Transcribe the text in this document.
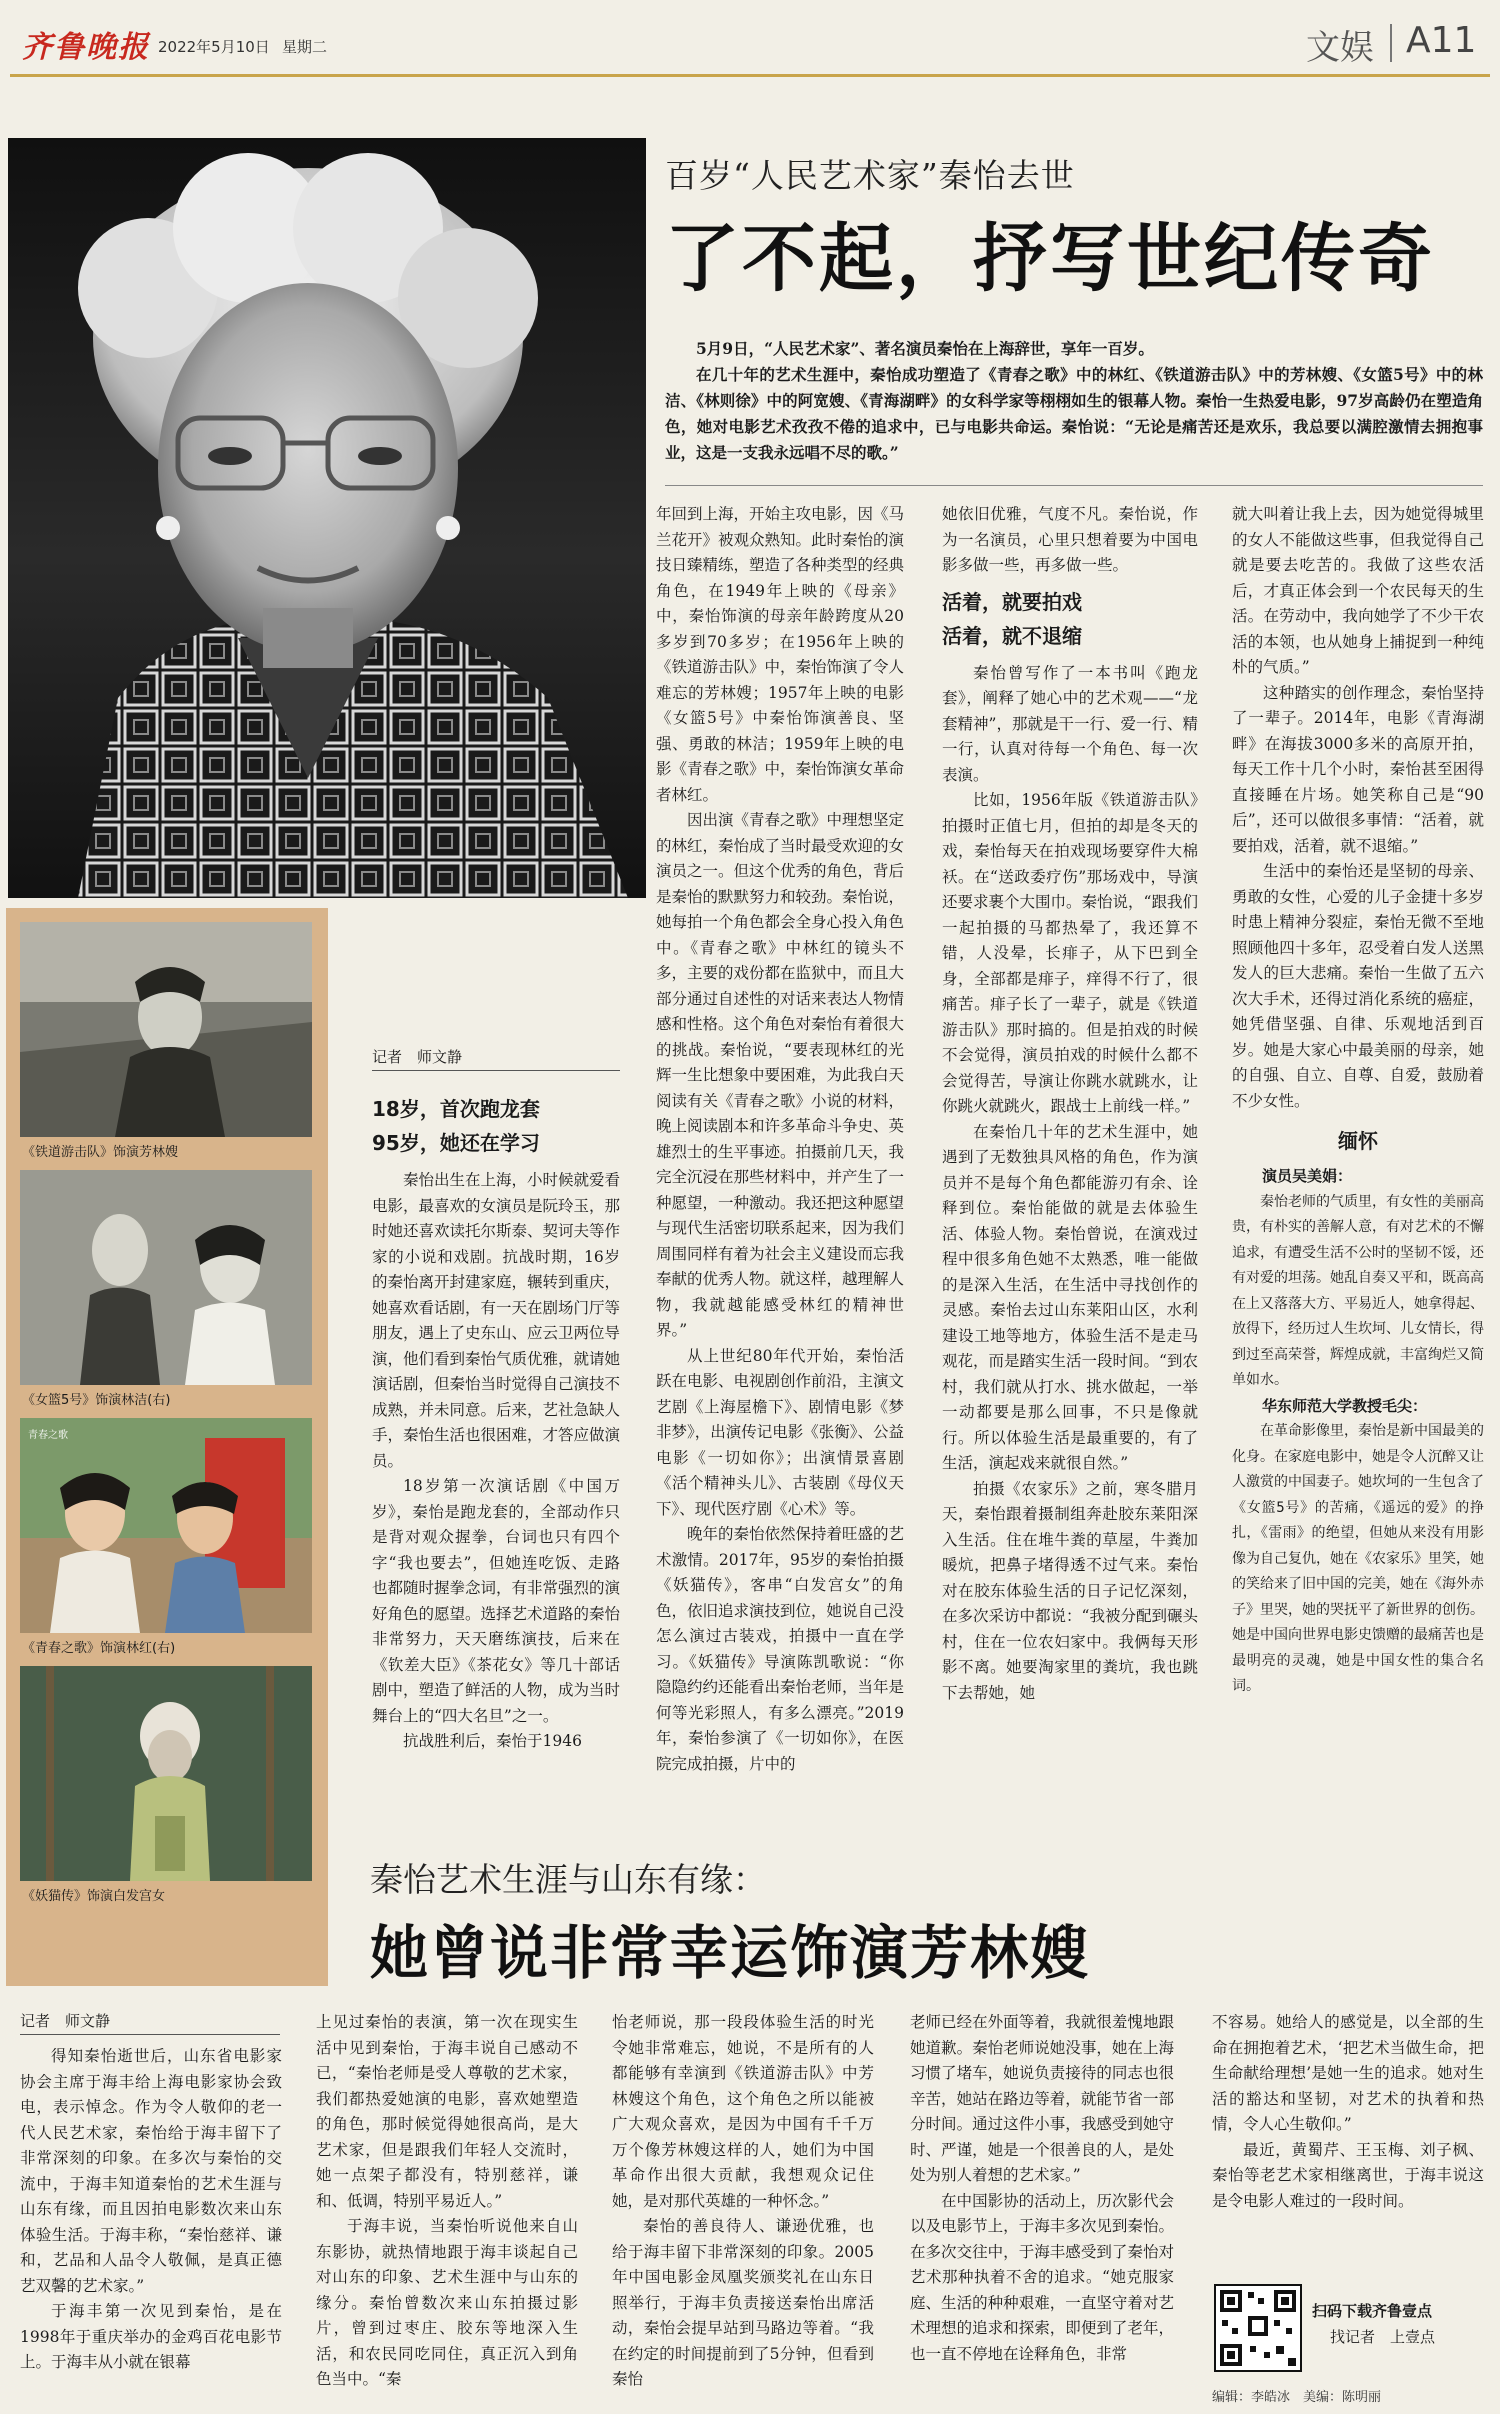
齐鲁晚报 2022年5月10日 星期二	文娱 A11
百岁“人民艺术家”秦怡去世
了不起，抒写世纪传奇

5月9日，“人民艺术家”、著名演员秦怡在上海辞世，享年一百岁。

在几十年的艺术生涯中，秦怡成功塑造了《青春之歌》中的林红、《铁道游击队》中的芳林嫂、《女篮5号》中的林洁、《林则徐》中的阿宽嫂、《青海湖畔》的女科学家等栩栩如生的银幕人物。秦怡一生热爱电影，97岁高龄仍在塑造角色，她对电影艺术孜孜不倦的追求中，已与电影共命运。秦怡说：“无论是痛苦还是欢乐，我总要以满腔激情去拥抱事业，这是一支我永远唱不尽的歌。”

《铁道游击队》饰演芳林嫂
《女篮5号》饰演林洁(右)
青春之歌
《青春之歌》饰演林红(右)
《妖猫传》饰演白发宫女
记者　师文静
18岁，首次跑龙套
95岁，她还在学习

秦怡出生在上海，小时候就爱看电影，最喜欢的女演员是阮玲玉，那时她还喜欢读托尔斯泰、契诃夫等作家的小说和戏剧。抗战时期，16岁的秦怡离开封建家庭，辗转到重庆，她喜欢看话剧，有一天在剧场门厅等朋友，遇上了史东山、应云卫两位导演，他们看到秦怡气质优雅，就请她演话剧，但秦怡当时觉得自己演技不成熟，并未同意。后来，艺社急缺人手，秦怡生活也很困难，才答应做演员。

18岁第一次演话剧《中国万岁》，秦怡是跑龙套的，全部动作只是背对观众握拳，台词也只有四个字“我也要去”，但她连吃饭、走路也都随时握拳念词，有非常强烈的演好角色的愿望。选择艺术道路的秦怡非常努力，天天磨练演技，后来在《钦差大臣》《茶花女》等几十部话剧中，塑造了鲜活的人物，成为当时舞台上的“四大名旦”之一。

抗战胜利后，秦怡于1946

年回到上海，开始主攻电影，因《马兰花开》被观众熟知。此时秦怡的演技日臻精练，塑造了各种类型的经典角色，在1949年上映的《母亲》中，秦怡饰演的母亲年龄跨度从20多岁到70多岁；在1956年上映的《铁道游击队》中，秦怡饰演了令人难忘的芳林嫂；1957年上映的电影《女篮5号》中秦怡饰演善良、坚强、勇敢的林洁；1959年上映的电影《青春之歌》中，秦怡饰演女革命者林红。

因出演《青春之歌》中理想坚定的林红，秦怡成了当时最受欢迎的女演员之一。但这个优秀的角色，背后是秦怡的默默努力和较劲。秦怡说，她每拍一个角色都会全身心投入角色中。《青春之歌》中林红的镜头不多，主要的戏份都在监狱中，而且大部分通过自述性的对话来表达人物情感和性格。这个角色对秦怡有着很大的挑战。秦怡说，“要表现林红的光辉一生比想象中要困难，为此我白天阅读有关《青春之歌》小说的材料，晚上阅读剧本和许多革命斗争史、英雄烈士的生平事迹。拍摄前几天，我完全沉浸在那些材料中，并产生了一种愿望，一种激动。我还把这种愿望与现代生活密切联系起来，因为我们周围同样有着为社会主义建设而忘我奉献的优秀人物。就这样，越理解人物，我就越能感受林红的精神世界。”

从上世纪80年代开始，秦怡活跃在电影、电视剧创作前沿，主演文艺剧《上海屋檐下》、剧情电影《梦非梦》，出演传记电影《张衡》、公益电影《一切如你》；出演情景喜剧《活个精神头儿》、古装剧《母仪天下》、现代医疗剧《心术》等。

晚年的秦怡依然保持着旺盛的艺术激情。2017年，95岁的秦怡拍摄《妖猫传》，客串“白发宫女”的角色，依旧追求演技到位，她说自己没怎么演过古装戏，拍摄中一直在学习。《妖猫传》导演陈凯歌说：“你隐隐约约还能看出秦怡老师，当年是何等光彩照人，有多么漂亮。”2019年，秦怡参演了《一切如你》，在医院完成拍摄，片中的

她依旧优雅，气度不凡。秦怡说，作为一名演员，心里只想着要为中国电影多做一些，再多做一些。

活着，就要拍戏
活着，就不退缩

秦怡曾写作了一本书叫《跑龙套》，阐释了她心中的艺术观——“龙套精神”，那就是干一行、爱一行、精一行，认真对待每一个角色、每一次表演。

比如，1956年版《铁道游击队》拍摄时正值七月，但拍的却是冬天的戏，秦怡每天在拍戏现场要穿件大棉袄。在“送政委疗伤”那场戏中，导演还要求裹个大围巾。秦怡说，“跟我们一起拍摄的马都热晕了，我还算不错，人没晕，长痱子，从下巴到全身，全部都是痱子，痒得不行了，很痛苦。痱子长了一辈子，就是《铁道游击队》那时搞的。但是拍戏的时候不会觉得，演员拍戏的时候什么都不会觉得苦，导演让你跳水就跳水，让你跳火就跳火，跟战士上前线一样。”

在秦怡几十年的艺术生涯中，她遇到了无数独具风格的角色，作为演员并不是每个角色都能游刃有余、诠释到位。秦怡能做的就是去体验生活、体验人物。秦怡曾说，在演戏过程中很多角色她不太熟悉，唯一能做的是深入生活，在生活中寻找创作的灵感。秦怡去过山东莱阳山区，水利建设工地等地方，体验生活不是走马观花，而是踏实生活一段时间。“到农村，我们就从打水、挑水做起，一举一动都要是那么回事，不只是像就行。所以体验生活是最重要的，有了生活，演起戏来就很自然。”

拍摄《农家乐》之前，寒冬腊月天，秦怡跟着摄制组奔赴胶东莱阳深入生活。住在堆牛粪的草屋，牛粪加暖炕，把鼻子堵得透不过气来。秦怡对在胶东体验生活的日子记忆深刻，在多次采访中都说：“我被分配到碾头村，住在一位农妇家中。我俩每天形影不离。她要淘家里的粪坑，我也跳下去帮她，她

就大叫着让我上去，因为她觉得城里的女人不能做这些事，但我觉得自己就是要去吃苦的。我做了这些农活后，才真正体会到一个农民每天的生活。在劳动中，我向她学了不少干农活的本领，也从她身上捕捉到一种纯朴的气质。”

这种踏实的创作理念，秦怡坚持了一辈子。2014年，电影《青海湖畔》在海拔3000多米的高原开拍，每天工作十几个小时，秦怡甚至困得直接睡在片场。她笑称自己是“90后”，还可以做很多事情：“活着，就要拍戏，活着，就不退缩。”

生活中的秦怡还是坚韧的母亲、勇敢的女性，心爱的儿子金捷十多岁时患上精神分裂症，秦怡无微不至地照顾他四十多年，忍受着白发人送黑发人的巨大悲痛。秦怡一生做了五六次大手术，还得过消化系统的癌症，她凭借坚强、自律、乐观地活到百岁。她是大家心中最美丽的母亲，她的自强、自立、自尊、自爱，鼓励着不少女性。

缅怀
演员吴美娟：

秦怡老师的气质里，有女性的美丽高贵，有朴实的善解人意，有对艺术的不懈追求，有遭受生活不公时的坚韧不馁，还有对爱的坦荡。她乱自奏又平和，既高高在上又落落大方、平易近人，她拿得起、放得下，经历过人生坎坷、儿女情长，得到过至高荣誉，辉煌成就，丰富绚烂又简单如水。

华东师范大学教授毛尖：

在革命影像里，秦怡是新中国最美的化身。在家庭电影中，她是令人沉醉又让人激赏的中国妻子。她坎坷的一生包含了《女篮5号》的苦痛，《遥远的爱》的挣扎，《雷雨》的绝望，但她从来没有用影像为自己复仇，她在《农家乐》里笑，她的笑给来了旧中国的完美，她在《海外赤子》里哭，她的哭抚平了新世界的创伤。她是中国向世界电影史馈赠的最痛苦也是最明亮的灵魂，她是中国女性的集合名词。

秦怡艺术生涯与山东有缘：
她曾说非常幸运饰演芳林嫂
记者　师文静

得知秦怡逝世后，山东省电影家协会主席于海丰给上海电影家协会致电，表示悼念。作为令人敬仰的老一代人民艺术家，秦怡给于海丰留下了非常深刻的印象。在多次与秦怡的交流中，于海丰知道秦怡的艺术生涯与山东有缘，而且因拍电影数次来山东体验生活。于海丰称，“秦怡慈祥、谦和，艺品和人品令人敬佩，是真正德艺双馨的艺术家。”

于海丰第一次见到秦怡，是在1998年于重庆举办的金鸡百花电影节上。于海丰从小就在银幕

上见过秦怡的表演，第一次在现实生活中见到秦怡，于海丰说自己感动不已，“秦怡老师是受人尊敬的艺术家，我们都热爱她演的电影，喜欢她塑造的角色，那时候觉得她很高尚，是大艺术家，但是跟我们年轻人交流时，她一点架子都没有，特别慈祥，谦和、低调，特别平易近人。”

于海丰说，当秦怡听说他来自山东影协，就热情地跟于海丰谈起自己对山东的印象、艺术生涯中与山东的缘分。秦怡曾数次来山东拍摄过影片，曾到过枣庄、胶东等地深入生活，和农民同吃同住，真正沉入到角色当中。“秦

怡老师说，那一段段体验生活的时光令她非常难忘，她说，不是所有的人都能够有幸演到《铁道游击队》中芳林嫂这个角色，这个角色之所以能被广大观众喜欢，是因为中国有千千万万个像芳林嫂这样的人，她们为中国革命作出很大贡献，我想观众记住她，是对那代英雄的一种怀念。”

秦怡的善良待人、谦逊优雅，也给于海丰留下非常深刻的印象。2005年中国电影金凤凰奖颁奖礼在山东日照举行，于海丰负责接送秦怡出席活动，秦怡会提早站到马路边等着。“我在约定的时间提前到了5分钟，但看到秦怡

老师已经在外面等着，我就很羞愧地跟她道歉。秦怡老师说她没事，她在上海习惯了堵车，她说负责接待的同志也很辛苦，她站在路边等着，就能节省一部分时间。通过这件小事，我感受到她守时、严谨，她是一个很善良的人，是处处为别人着想的艺术家。”

在中国影协的活动上，历次影代会以及电影节上，于海丰多次见到秦怡。在多次交往中，于海丰感受到了秦怡对艺术那种执着不舍的追求。“她克服家庭、生活的种种艰难，一直坚守着对艺术理想的追求和探索，即便到了老年，也一直不停地在诠释角色，非常

不容易。她给人的感觉是，以全部的生命在拥抱着艺术，‘把艺术当做生命，把生命献给理想’是她一生的追求。她对生活的豁达和坚韧，对艺术的执着和热情，令人心生敬仰。”

最近，黄蜀芹、王玉梅、刘子枫、秦怡等老艺术家相继离世，于海丰说这是令电影人难过的一段时间。

扫码下载齐鲁壹点
找记者　上壹点
编辑：李皓冰　美编：陈明丽
